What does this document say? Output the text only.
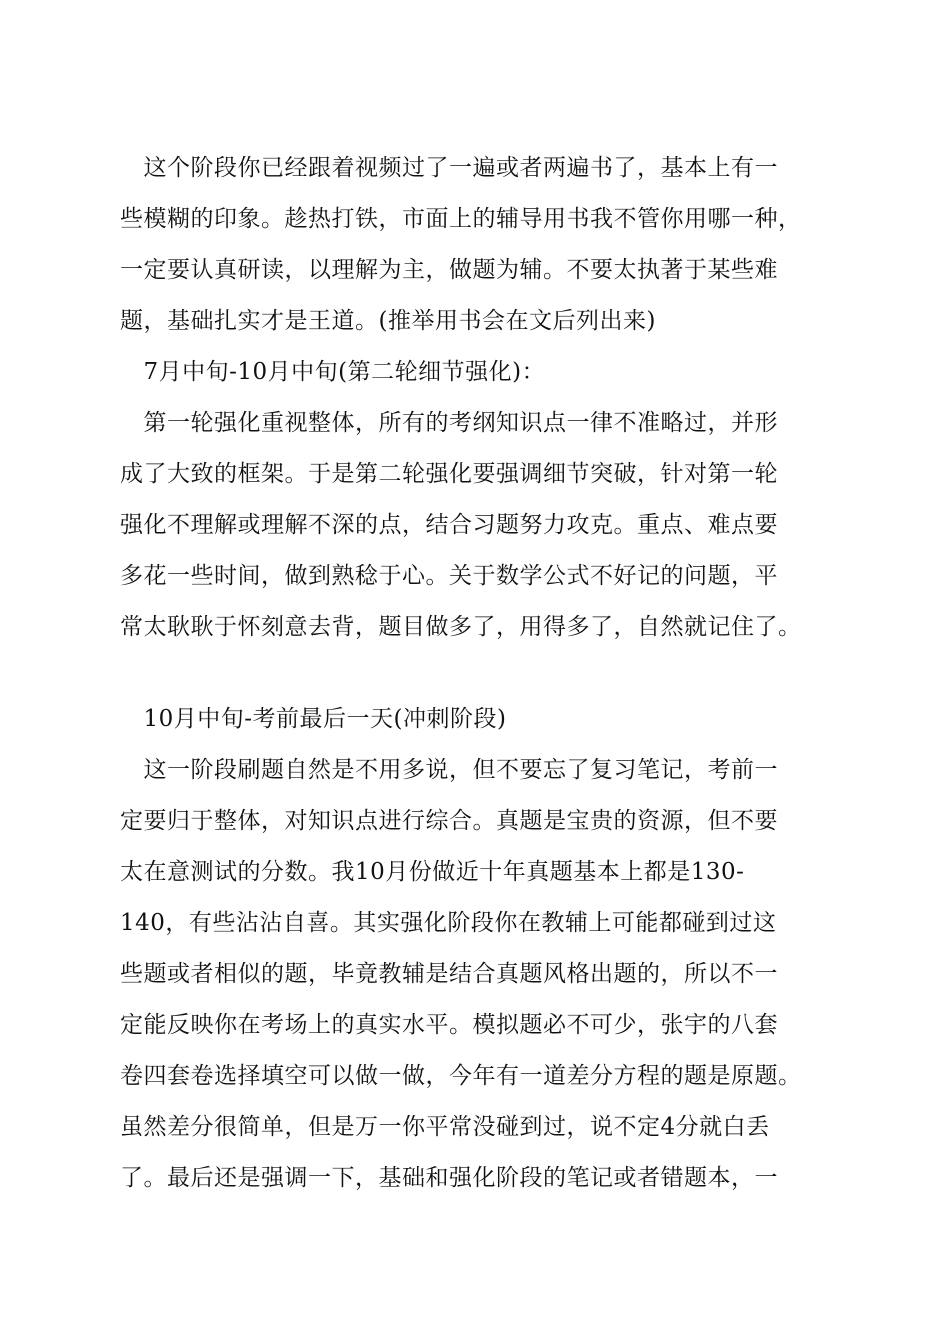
　这个阶段你已经跟着视频过了一遍或者两遍书了，基本上有一
些模糊的印象。趁热打铁，市面上的辅导用书我不管你用哪一种，
一定要认真研读，以理解为主，做题为辅。不要太执著于某些难
题，基础扎实才是王道。(推举用书会在文后列出来)
　7月中旬-10月中旬(第二轮细节强化)：
　第一轮强化重视整体，所有的考纲知识点一律不准略过，并形
成了大致的框架。于是第二轮强化要强调细节突破，针对第一轮
强化不理解或理解不深的点，结合习题努力攻克。重点、难点要
多花一些时间，做到熟稔于心。关于数学公式不好记的问题，平
常太耿耿于怀刻意去背，题目做多了，用得多了，自然就记住了。
　10月中旬-考前最后一天(冲刺阶段)
　这一阶段刷题自然是不用多说，但不要忘了复习笔记，考前一
定要归于整体，对知识点进行综合。真题是宝贵的资源，但不要
太在意测试的分数。我10月份做近十年真题基本上都是130-
140，有些沾沾自喜。其实强化阶段你在教辅上可能都碰到过这
些题或者相似的题，毕竟教辅是结合真题风格出题的，所以不一
定能反映你在考场上的真实水平。模拟题必不可少，张宇的八套
卷四套卷选择填空可以做一做，今年有一道差分方程的题是原题。
虽然差分很简单，但是万一你平常没碰到过，说不定4分就白丢
了。最后还是强调一下，基础和强化阶段的笔记或者错题本，一
